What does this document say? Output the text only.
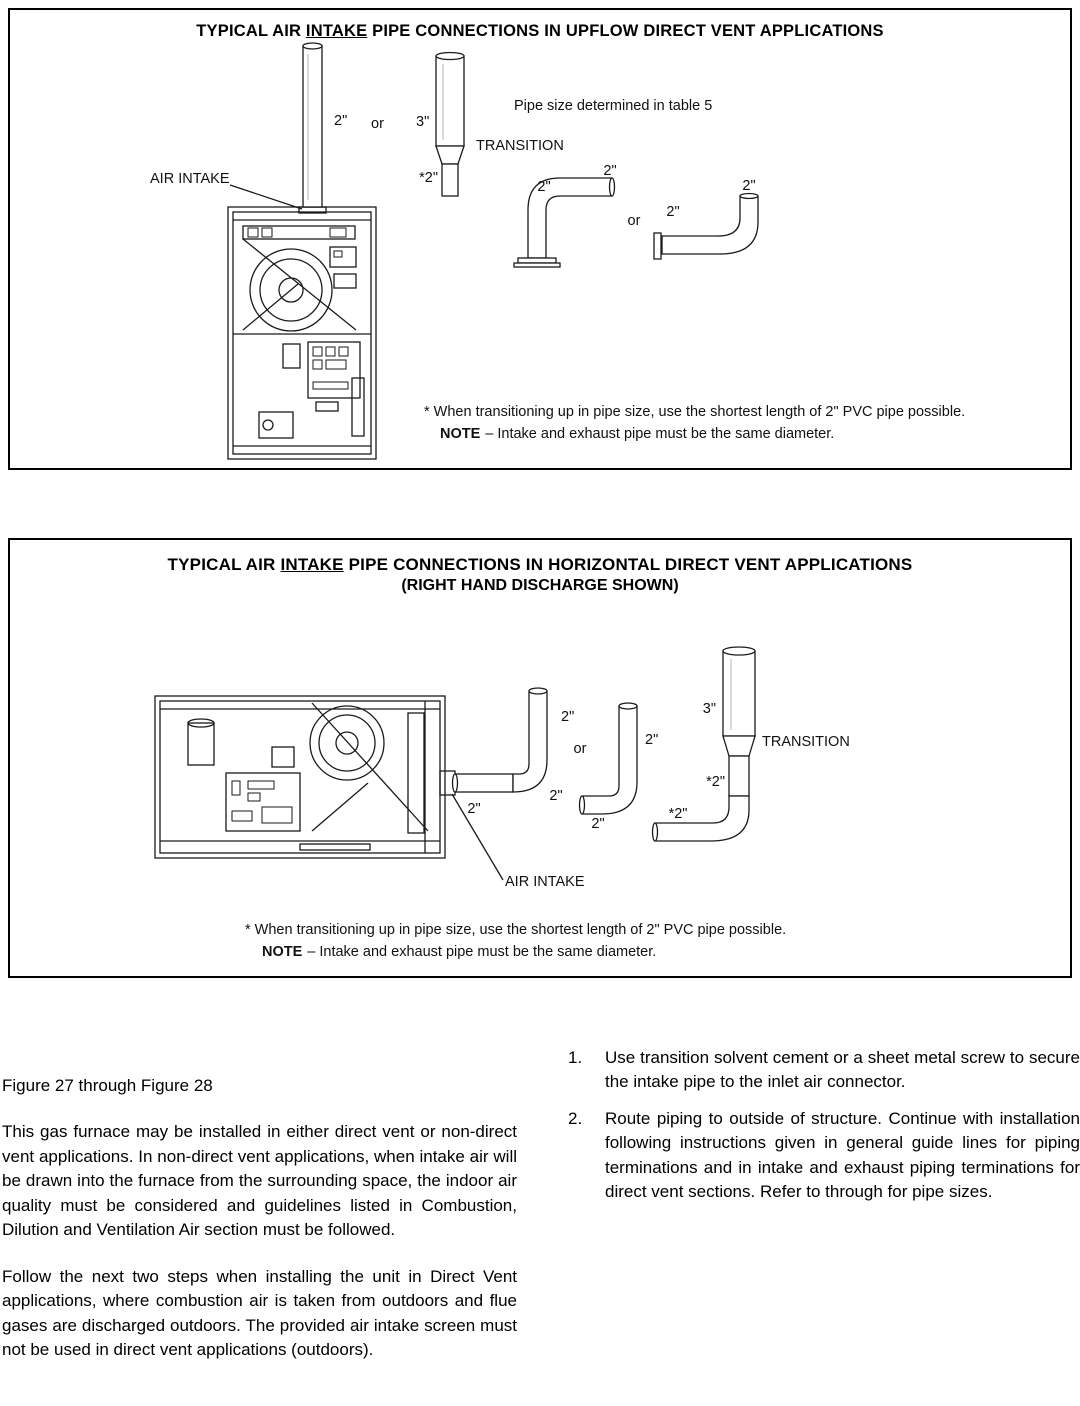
TYPICAL AIR INTAKE PIPE CONNECTIONS IN UPFLOW DIRECT VENT APPLICATIONS
AIR INTAKE
2" or 3"
Pipe size determined in table 5
TRANSITION
*2"
2"
2"
or
2"
2"
* When transitioning up in pipe size, use the shortest length of 2" PVC pipe possible.
NOTE – Intake and exhaust pipe must be the same diameter.
TYPICAL AIR INTAKE PIPE CONNECTIONS IN HORIZONTAL DIRECT VENT APPLICATIONS
(RIGHT HAND DISCHARGE SHOWN)
2"
2"
2"
or
2"
2"
3"
TRANSITION
*2"
*2"
AIR INTAKE
* When transitioning up in pipe size, use the shortest length of 2" PVC pipe possible.
NOTE – Intake and exhaust pipe must be the same diameter.

Figure 27 through Figure 28

This gas furnace may be installed in either direct vent or non-direct vent applications. In non-direct vent applications, when intake air will be drawn into the furnace from the surrounding space, the indoor air quality must be considered and guidelines listed in Combustion, Dilution and Ventilation Air section must be followed.

Follow the next two steps when installing the unit in Direct Vent applications, where combustion air is taken from outdoors and flue gases are discharged outdoors. The provided air intake screen must not be used in direct vent applications (outdoors).

1.	Use transition solvent cement or a sheet metal screw to secure the intake pipe to the inlet air connector.
2.	Route piping to outside of structure. Continue with installation following instructions given in general guide lines for piping terminations and in intake and exhaust piping terminations for direct vent sections. Refer to through for pipe sizes.
